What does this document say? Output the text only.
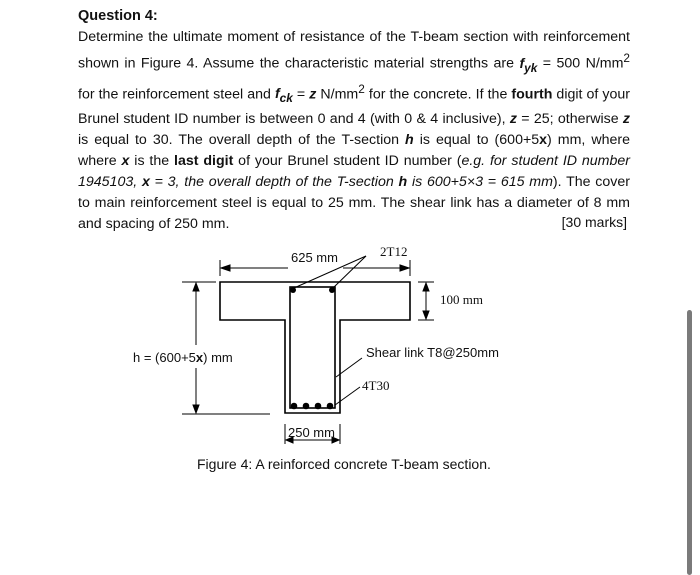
Question 4:
Determine the ultimate moment of resistance of the T-beam section with reinforcement shown in Figure 4. Assume the characteristic material strengths are $f_{yk} = 500$ $N/mm^2$ for the reinforcement steel and $f_{ck} = z$ $N/mm^2$ for the concrete. If the fourth digit of your Brunel student ID number is between 0 and 4 (with 0 & 4 inclusive), z = 25; otherwise z is equal to 30. The overall depth of the T-section h is equal to (600+5x) mm, where where x is the last digit of your Brunel student ID number (e.g. for student ID number 1945103, x = 3, the overall depth of the T-section h is 600+5×3 = 615 mm). The cover to main reinforcement steel is equal to 25 mm. The shear link has a diameter of 8 mm and spacing of 250 mm.	[30 marks]
625 mm	2T12
100 mm
h = (600+5x) mm	Shear link T8@250mm
4T30
250 mm
Figure 4: A reinforced concrete T-beam section.
